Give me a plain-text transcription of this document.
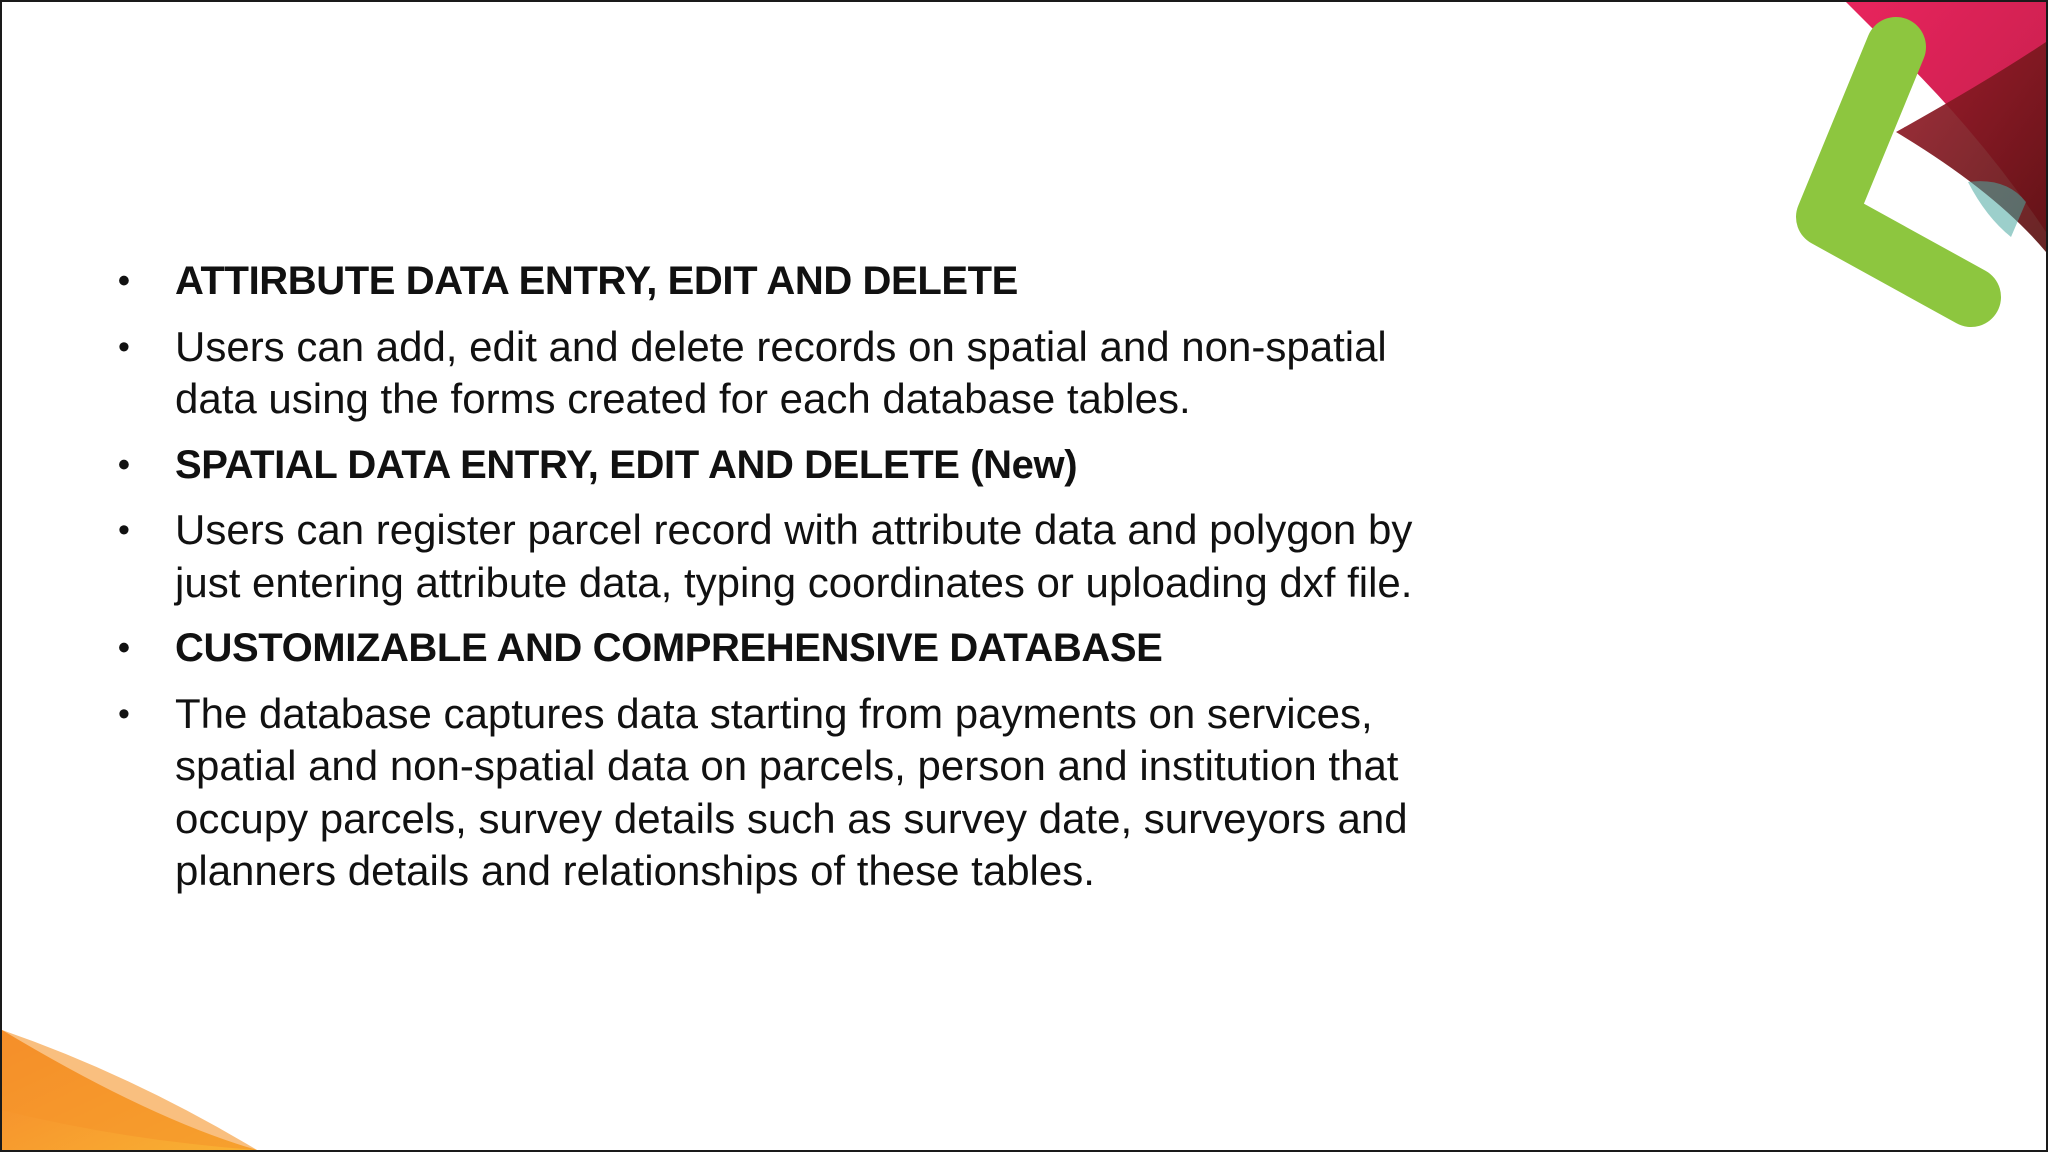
• ATTIRBUTE DATA ENTRY, EDIT AND DELETE
• Users can add, edit and delete records on spatial and non-spatial
data using the forms created for each database tables.
• SPATIAL DATA ENTRY, EDIT AND DELETE (New)
• Users can register parcel record with attribute data and polygon by
just entering attribute data, typing coordinates or uploading dxf file.
• CUSTOMIZABLE AND COMPREHENSIVE DATABASE
• The database captures data starting from payments on services,
spatial and non-spatial data on parcels, person and institution that
occupy parcels, survey details such as survey date, surveyors and
planners details and relationships of these tables.
